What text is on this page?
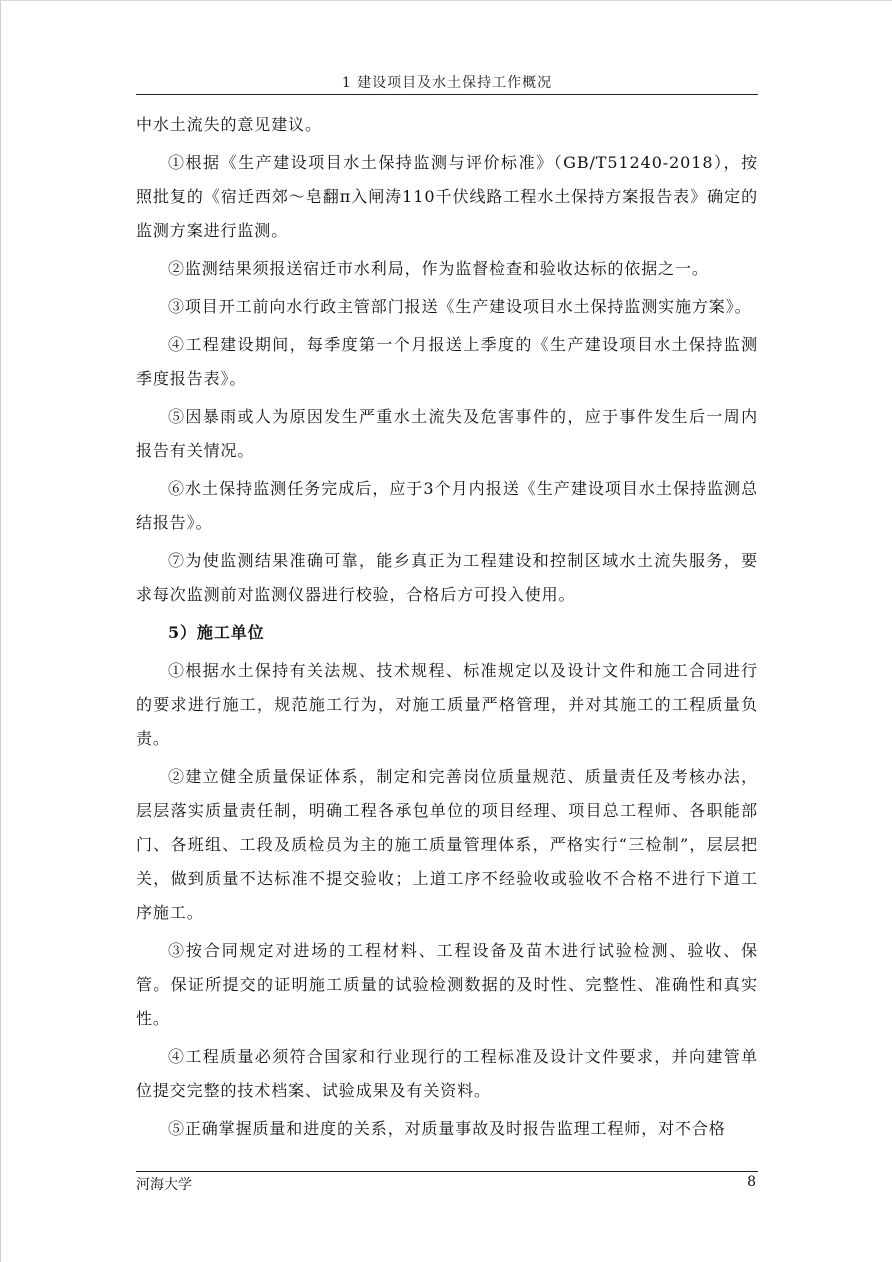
1 建设项目及水土保持工作概况

中水土流失的意见建议。

①根据《生产建设项目水土保持监测与评价标准》（GB/T51240-2018），按照批复的《宿迁西郊～皂翻π入闸涛110千伏线路工程水土保持方案报告表》确定的监测方案进行监测。

②监测结果须报送宿迁市水利局，作为监督检查和验收达标的依据之一。

③项目开工前向水行政主管部门报送《生产建设项目水土保持监测实施方案》。

④工程建设期间，每季度第一个月报送上季度的《生产建设项目水土保持监测季度报告表》。

⑤因暴雨或人为原因发生严重水土流失及危害事件的，应于事件发生后一周内报告有关情况。

⑥水土保持监测任务完成后，应于3个月内报送《生产建设项目水土保持监测总结报告》。

⑦为使监测结果准确可靠，能乡真正为工程建设和控制区域水土流失服务，要求每次监测前对监测仪器进行校验，合格后方可投入使用。

5）施工单位

①根据水土保持有关法规、技术规程、标准规定以及设计文件和施工合同进行的要求进行施工，规范施工行为，对施工质量严格管理，并对其施工的工程质量负责。

②建立健全质量保证体系，制定和完善岗位质量规范、质量责任及考核办法，层层落实质量责任制，明确工程各承包单位的项目经理、项目总工程师、各职能部门、各班组、工段及质检员为主的施工质量管理体系，严格实行“三检制”，层层把关，做到质量不达标准不提交验收；上道工序不经验收或验收不合格不进行下道工序施工。

③按合同规定对进场的工程材料、工程设备及苗木进行试验检测、验收、保管。保证所提交的证明施工质量的试验检测数据的及时性、完整性、准确性和真实性。

④工程质量必须符合国家和行业现行的工程标准及设计文件要求，并向建管单位提交完整的技术档案、试验成果及有关资料。

⑤正确掌握质量和进度的关系，对质量事故及时报告监理工程师，对不合格

河海大学	8
